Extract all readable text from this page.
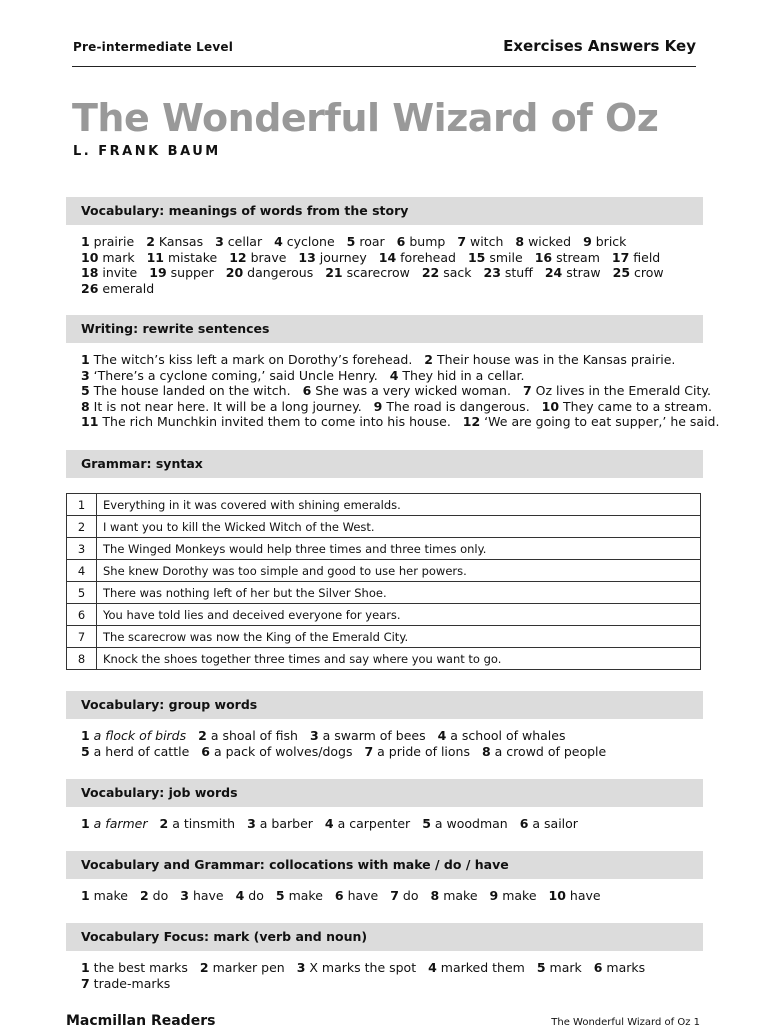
Pre-intermediate Level	Exercises Answers Key
The Wonderful Wizard of Oz
L. FRANK BAUM
Vocabulary: meanings of words from the story
1 prairie 2 Kansas 3 cellar 4 cyclone 5 roar 6 bump 7 witch 8 wicked 9 brick
10 mark 11 mistake 12 brave 13 journey 14 forehead 15 smile 16 stream 17 field
18 invite 19 supper 20 dangerous 21 scarecrow 22 sack 23 stuff 24 straw 25 crow
26 emerald
Writing: rewrite sentences
1 The witch’s kiss left a mark on Dorothy’s forehead. 2 Their house was in the Kansas prairie.
3 ‘There’s a cyclone coming,’ said Uncle Henry. 4 They hid in a cellar.
5 The house landed on the witch. 6 She was a very wicked woman. 7 Oz lives in the Emerald City.
8 It is not near here. It will be a long journey. 9 The road is dangerous. 10 They came to a stream.
11 The rich Munchkin invited them to come into his house. 12 ‘We are going to eat supper,’ he said.
Grammar: syntax
1	Everything in it was covered with shining emeralds.
2	I want you to kill the Wicked Witch of the West.
3	The Winged Monkeys would help three times and three times only.
4	She knew Dorothy was too simple and good to use her powers.
5	There was nothing left of her but the Silver Shoe.
6	You have told lies and deceived everyone for years.
7	The scarecrow was now the King of the Emerald City.
8	Knock the shoes together three times and say where you want to go.
Vocabulary: group words
1 a flock of birds 2 a shoal of fish 3 a swarm of bees 4 a school of whales
5 a herd of cattle 6 a pack of wolves/dogs 7 a pride of lions 8 a crowd of people
Vocabulary: job words
1 a farmer 2 a tinsmith 3 a barber 4 a carpenter 5 a woodman 6 a sailor
Vocabulary and Grammar: collocations with make / do / have
1 make 2 do 3 have 4 do 5 make 6 have 7 do 8 make 9 make 10 have
Vocabulary Focus: mark (verb and noun)
1 the best marks 2 marker pen 3 X marks the spot 4 marked them 5 mark 6 marks
7 trade-marks
Macmillan Readers	The Wonderful Wizard of Oz 1
